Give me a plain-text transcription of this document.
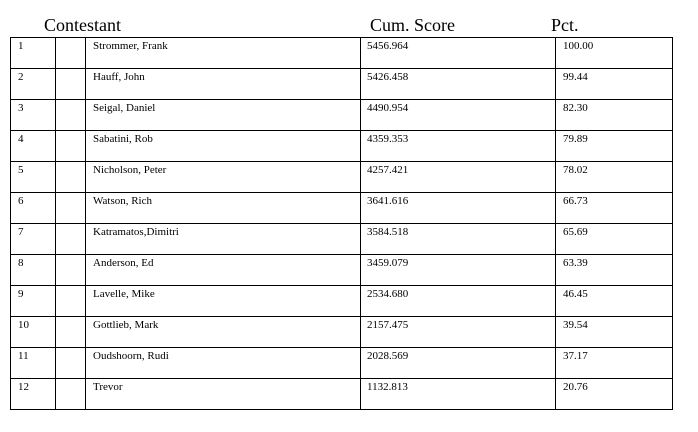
Contestant	Cum. Score	Pct.
1		Strommer, Frank	5456.964	100.00

2		Hauff, John	5426.458	99.44

3		Seigal, Daniel	4490.954	82.30

4		Sabatini, Rob	4359.353	79.89

5		Nicholson, Peter	4257.421	78.02

6		Watson, Rich	3641.616	66.73

7		Katramatos,Dimitri	3584.518	65.69

8		Anderson, Ed	3459.079	63.39

9		Lavelle, Mike	2534.680	46.45

10		Gottlieb, Mark	2157.475	39.54

11		Oudshoorn, Rudi	2028.569	37.17

12		Trevor	1132.813	20.76
